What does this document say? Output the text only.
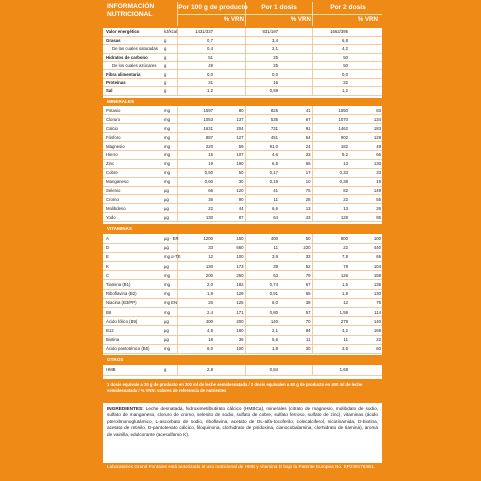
INFORMACIÓN
NUTRICIONAL
Por 100 g de producto	Por 1 dosis	Por 2 dosis
% VRN	% VRN	% VRN
Valor energético	kJ/kcal	1431/337		831/197		1662/395	
Grasas	g	0,7		3,4		6,8	
De las cuales saturadas	g	0,4		2,1		4,2	
Hidratos de carbono	g	51		25		50	
De los cuales azúcares	g	49		25		50	
Fibra alimentaria	g	0,0		0,0		0,0	
Proteínas	g	31		16		32	
Sal	g	1,2		0,59		1,2	
MINERALES
Potasio	mg	1597	80	825	41	1650	83
Cloruro	mg	1053	137	535	67	1070	134
Calcio	mg	1631	204	731	91	1462	183
Fósforo	mg	887	127	451	64	902	129
Magnesio	mg	220	59	91,0	24	182	49
Hierro	mg	15	107	4,6	33	9,2	66
Zinc	mg	19	190	6,5	65	13	130
Cobre	mg	0,50	50	0,17	17	0,33	33
Manganeso	mg	0,60	30	0,19	10	0,38	19
Selenio	µg	66	120	41	75	82	149
Cromo	µg	36	90	11	28	22	55
Molibdeno	µg	22	44	6,6	13	13	26
Yodo	µg	130	87	64	43	128	85
VITAMINAS
A	µg - ER	1200	150	400	50	800	100
D	µg	33	660	11	220	22	440
E	mg α-TE	12	100	3,9	33	7,8	65
K	µg	130	173	39	52	78	104
C	mg	200	250	63	79	126	158
Tiamina (B1)	mg	2,0	182	0,74	67	1,5	135
Riboflavina (B2)	mg	1,8	129	0,91	65	1,8	130
Niacina (B3/PP)	mg EN	20	125	6,0	38	12	75
B6	mg	2,4	171	0,80	57	1,59	114
Ácido fólico (B9)	µg	400	200	140	70	279	140
B12	µg	4,5	180	2,1	84	4,2	168
Biotina	µg	18	36	5,6	11	11	22
Ácido pantoténico (B5)	mg	6,0	100	1,8	30	3,6	60
OTROS
HMB	g	2,8		0,84		1,68	
1 dosis equivale a 30 g de producto en 200 ml de leche semidesnatada / 2 dosis equivalen a 60 g de producto en 400 ml de leche semidesnatada / % VRN: valores de referencia de nutrientes
INGREDIENTES: Leche desnatada, hidroximetilbutirato cálcico (HMBCa), minerales (citrato de magnesio, molibdato de sodio, sulfato de manganeso, cloruro de cromo, selenito de sodio, sulfato de cobre, sulfato ferroso, sulfato de zinc), vitaminas (ácido pteroilmonoglutámico, L-ascorbato de sodio, riboflavina, acetato de DL-alfa-tocoferilo, colecalciferol, nicotinamida, D-biotina, acetato de retinilo, D-pantotenato cálcico, filoquinona, clorhidrato de piridoxina, cianocobalamina, clorhidrato de tiamina), aroma de vainilla, edulcorante (acesulfamo K).
Laboratoires Grand Fontaine está autorizado al uso nutricional de HMB y vitamina D bajo la Patente Europea No. EP2381784B1.
